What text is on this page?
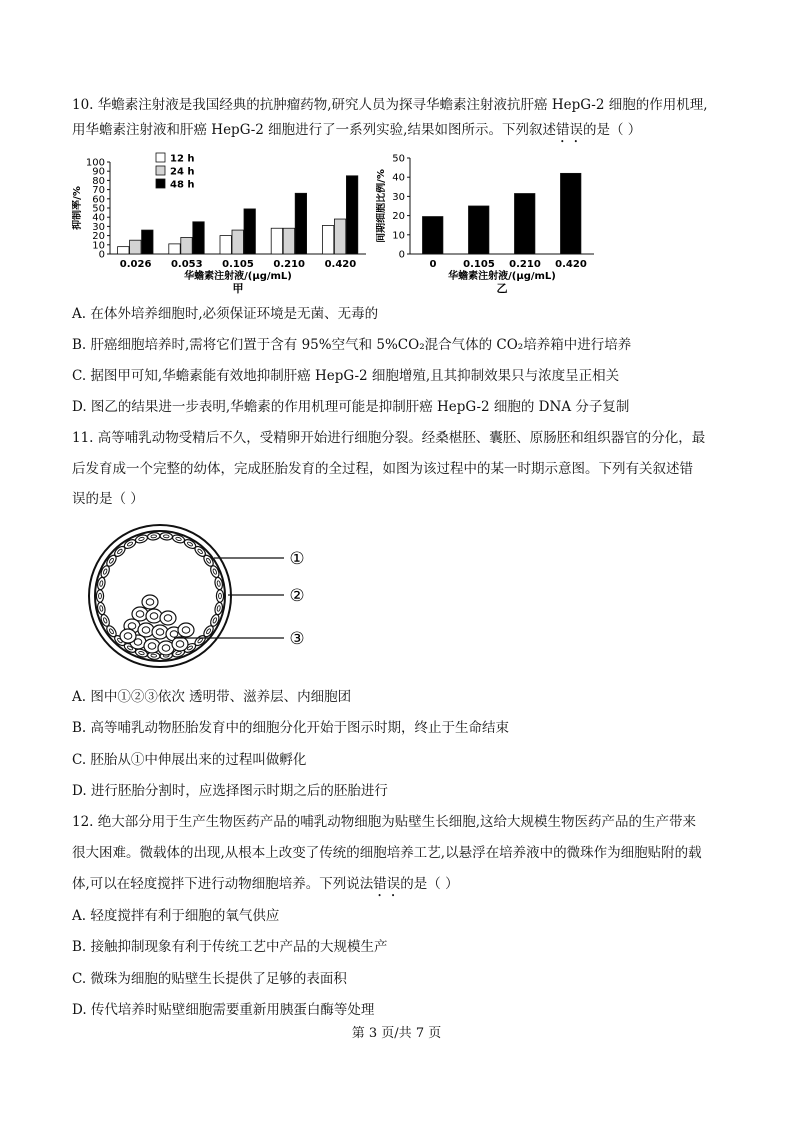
10. 华蟾素注射液是我国经典的抗肿瘤药物,研究人员为探寻华蟾素注射液抗肝癌 HepG-2 细胞的作用机理,
用华蟾素注射液和肝癌 HepG-2 细胞进行了一系列实验,结果如图所示。下列叙述错误的是（ ）
0
10
20
30
40
50
60
70
80
90
100
抑制率/%
0.026 0.053 0.105 0.210 0.420
华蟾素注射液/(μg/mL)
甲
12 h
24 h
48 h
0
10
20
30
40
50
间期细胞比例/%
0	0.105 0.210 0.420
华蟾素注射液/(μg/mL)
乙
A. 在体外培养细胞时,必须保证环境是无菌、无毒的
B. 肝癌细胞培养时,需将它们置于含有 95%空气和 5%CO₂混合气体的 CO₂培养箱中进行培养
C. 据图甲可知,华蟾素能有效地抑制肝癌 HepG-2 细胞增殖,且其抑制效果只与浓度呈正相关
D. 图乙的结果进一步表明,华蟾素的作用机理可能是抑制肝癌 HepG-2 细胞的 DNA 分子复制
11. 高等哺乳动物受精后不久，受精卵开始进行细胞分裂。经桑椹胚、囊胚、原肠胚和组织器官的分化，最
后发育成一个完整的幼体，完成胚胎发育的全过程，如图为该过程中的某一时期示意图。下列有关叙述错
误的是（ ）
①
②
③
A. 图中①②③依次 透明带、滋养层、内细胞团
B. 高等哺乳动物胚胎发育中的细胞分化开始于图示时期，终止于生命结束
C. 胚胎从①中伸展出来的过程叫做孵化
D. 进行胚胎分割时，应选择图示时期之后的胚胎进行
12. 绝大部分用于生产生物医药产品的哺乳动物细胞为贴壁生长细胞,这给大规模生物医药产品的生产带来
很大困难。微载体的出现,从根本上改变了传统的细胞培养工艺,以悬浮在培养液中的微珠作为细胞贴附的载
体,可以在轻度搅拌下进行动物细胞培养。下列说法错误的是（ ）
A. 轻度搅拌有利于细胞的氧气供应
B. 接触抑制现象有利于传统工艺中产品的大规模生产
C. 微珠为细胞的贴壁生长提供了足够的表面积
D. 传代培养时贴壁细胞需要重新用胰蛋白酶等处理
第 3 页/共 7 页
